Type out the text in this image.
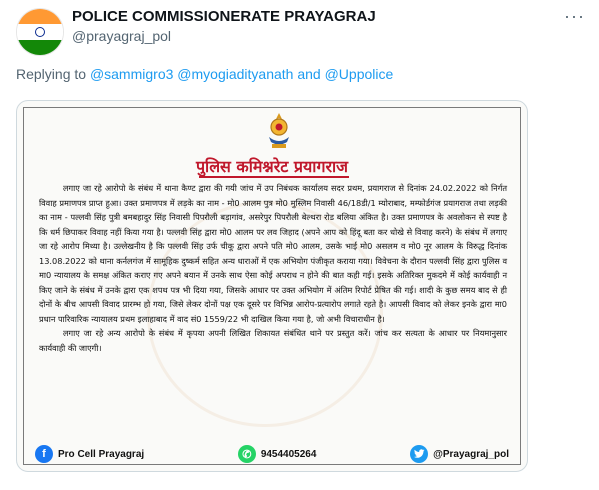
POLICE COMMISSIONERATE PRAYAGRAJ
@prayagraj_pol
···
Replying to @sammigro3 @myogiadityanath and @Uppolice
पुलिस कमिश्नरेट प्रयागराज

लगाए जा रहे आरोपो के संबंध में थाना कैण्ट द्वारा की गयी जांच में उप निबंधक कार्यालय सदर प्रथम, प्रयागराज से दिनांक 24.02.2022 को निर्गत विवाह प्रमाणपत्र प्राप्त हुआ। उक्त प्रमाणपत्र में लड़के का नाम - मो0 आलम पुत्र मो0 मुस्लिम निवासी 46/18डी/1 म्योराबाद, मम्फोर्डगंज प्रयागराज तथा लड़की का नाम - पल्लवी सिंह पुत्री बमबहादुर सिंह निवासी पिपरौली बड़ागांव, असरेपुर पिपरौली बेल्थरा रोड बलिया अंकित है। उक्त प्रमाणपत्र के अवलोकन से स्पष्ट है कि धर्म छिपाकर विवाह नहीं किया गया है। पल्लवी सिंह द्वारा मो0 आलम पर लव जिहाद (अपने आप को हिंदू बता कर धोखे से विवाह करने) के संबंध में लगाए जा रहे आरोप मिथ्या है। उल्लेखनीय है कि पल्लवी सिंह उर्फ चीकू द्वारा अपने पति मो0 आलम, उसके भाई मो0 असलम व मो0 नूर आलम के विरुद्ध दिनांक 13.08.2022 को थाना कर्नलगंज में सामूहिक दुष्कर्म सहित अन्य धाराओं में एक अभियोग पंजीकृत कराया गया। विवेचना के दौरान पल्लवी सिंह द्वारा पुलिस व मा0 न्यायालय के समक्ष अंकित कराए गए अपने बयान में उनके साथ ऐसा कोई अपराध न होने की बात कही गई। इसके अतिरिक्त मुकदमे में कोई कार्यवाही न किए जाने के संबंध में उनके द्वारा एक शपथ पत्र भी दिया गया, जिसके आधार पर उक्त अभियोग में अंतिम रिपोर्ट प्रेषित की गई। शादी के कुछ समय बाद से ही दोनों के बीच आपसी विवाद प्रारम्भ हो गया, जिसे लेकर दोनों पक्ष एक दूसरे पर विभिन्न आरोप-प्रत्यारोप लगाते रहते है। आपसी विवाद को लेकर इनके द्वारा मा0 प्रधान पारिवारिक न्यायालय प्रथम इलाहाबाद में वाद सं0 1559/22 भी दाखिल किया गया है, जो अभी विचाराधीन है।

लगाए जा रहे अन्य आरोपो के संबंध में कृपया अपनी लिखित शिकायत संबंधित थाने पर प्रस्तुत करें। जांच कर सत्यता के आधार पर नियमानुसार कार्यवाही की जाएगी।

f	Pro Cell Prayagraj	✆ 9454405264	@Prayagraj_pol
